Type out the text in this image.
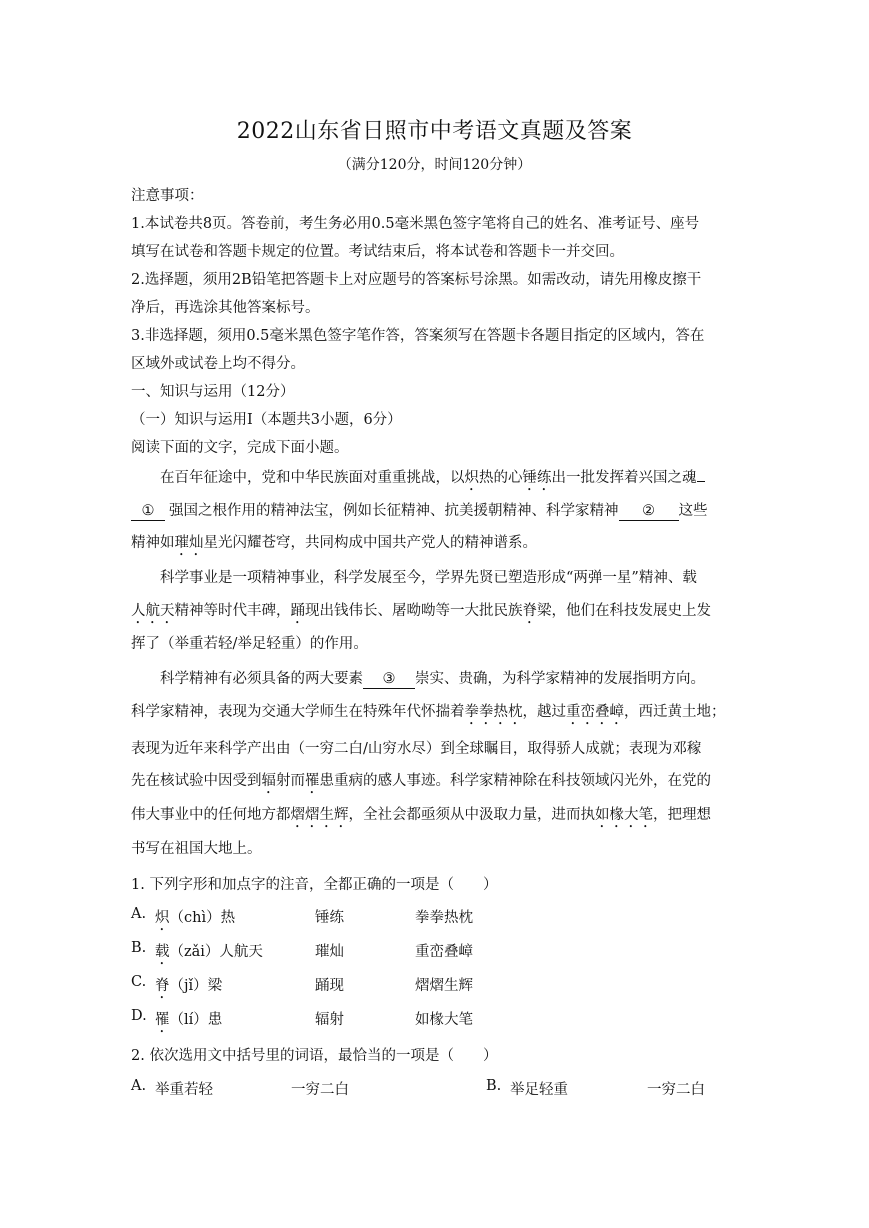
2022山东省日照市中考语文真题及答案
（满分120分，时间120分钟）
注意事项：
1.本试卷共8页。答卷前，考生务必用0.5毫米黑色签字笔将自己的姓名、准考证号、座号
填写在试卷和答题卡规定的位置。考试结束后，将本试卷和答题卡一并交回。
2.选择题，须用2B铅笔把答题卡上对应题号的答案标号涂黑。如需改动，请先用橡皮擦干
净后，再选涂其他答案标号。
3.非选择题，须用0.5毫米黑色签字笔作答，答案须写在答题卡各题目指定的区域内，答在
区域外或试卷上均不得分。
一、知识与运用（12分）
（一）知识与运用Ⅰ（本题共3小题，6分）
阅读下面的文字，完成下面小题。
在百年征途中，党和中华民族面对重重挑战，以炽热的心锤练出一批发挥着兴国之魂
① 强国之根作用的精神法宝，例如长征精神、抗美援朝精神、科学家精神 ② 这些
精神如璀灿星光闪耀苍穹，共同构成中国共产党人的精神谱系。
科学事业是一项精神事业，科学发展至今，学界先贤已塑造形成“两弹一星”精神、载
人航天精神等时代丰碑，踊现出钱伟长、屠呦呦等一大批民族脊梁，他们在科技发展史上发
挥了（举重若轻/举足轻重）的作用。
科学精神有必须具备的两大要素 ③ 崇实、贵确，为科学家精神的发展指明方向。
科学家精神，表现为交通大学师生在特殊年代怀揣着拳拳热枕，越过重峦叠嶂，西迁黄土地；
表现为近年来科学产出由（一穷二白/山穷水尽）到全球瞩目，取得骄人成就；表现为邓稼
先在核试验中因受到辐射而罹患重病的感人事迹。科学家精神除在科技领域闪光外，在党的
伟大事业中的任何地方都熠熠生辉，全社会都亟须从中汲取力量，进而执如椽大笔，把理想
书写在祖国大地上。
1. 下列字形和加点字的注音，全都正确的一项是（　　）
A. 炽（chì）热	锤练	拳拳热枕
B. 载（zǎi）人航天	璀灿	重峦叠嶂
C. 脊（jǐ）梁	踊现	熠熠生辉
D. 罹（lí）患	辐射	如椽大笔
2. 依次选用文中括号里的词语，最恰当的一项是（　　）
A. 举重若轻	一穷二白	B. 举足轻重	一穷二白
